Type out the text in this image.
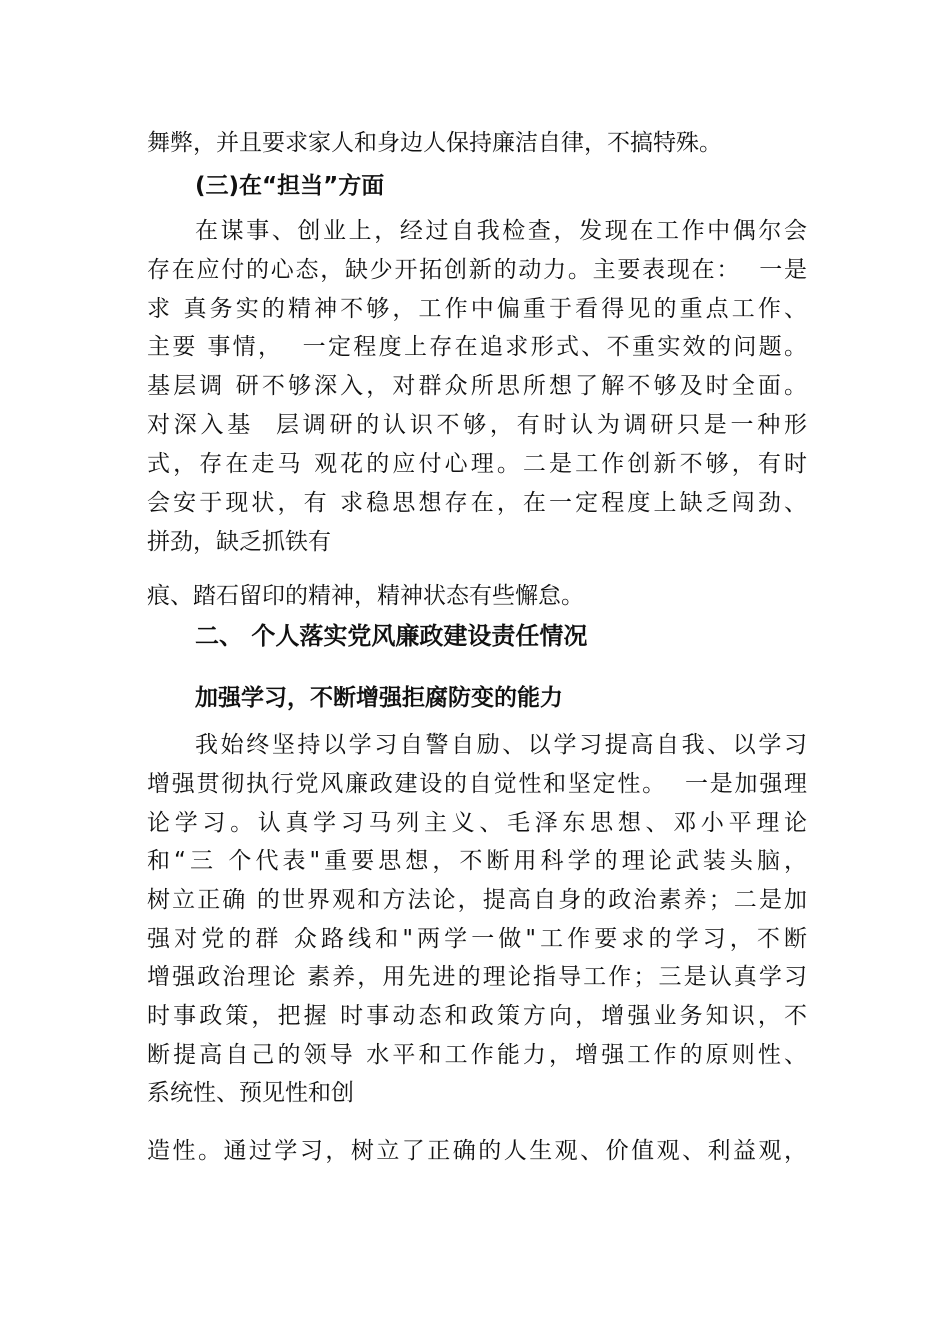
舞弊，并且要求家人和身边人保持廉洁自律，不搞特殊。
(三)在“担当”方面
在谋事、创业上，经过自我检查，发现在工作中偶尔会
存在应付的心态，缺少开拓创新的动力。主要表现在：  一是
求 真务实的精神不够，工作中偏重于看得见的重点工作、
主要 事情，  一定程度上存在追求形式、不重实效的问题。
基层调 研不够深入，对群众所思所想了解不够及时全面。
对深入基  层调研的认识不够，有时认为调研只是一种形
式，存在走马 观花的应付心理。二是工作创新不够，有时
会安于现状，有 求稳思想存在，在一定程度上缺乏闯劲、
拼劲，缺乏抓铁有
痕、踏石留印的精神，精神状态有些懈怠。
二、 个人落实党风廉政建设责任情况
加强学习，不断增强拒腐防变的能力
我始终坚持以学习自警自励、以学习提高自我、以学习
增强贯彻执行党风廉政建设的自觉性和坚定性。  一是加强理
论学习。认真学习马列主义、毛泽东思想、邓小平理论
和“三 个代表"重要思想，不断用科学的理论武装头脑，
树立正确 的世界观和方法论，提高自身的政治素养；二是加
强对党的群 众路线和"两学一做"工作要求的学习，不断
增强政治理论 素养，用先进的理论指导工作；三是认真学习
时事政策，把握 时事动态和政策方向，增强业务知识，不
断提高自己的领导 水平和工作能力，增强工作的原则性、
系统性、预见性和创
造性。通过学习，树立了正确的人生观、价值观、利益观，
